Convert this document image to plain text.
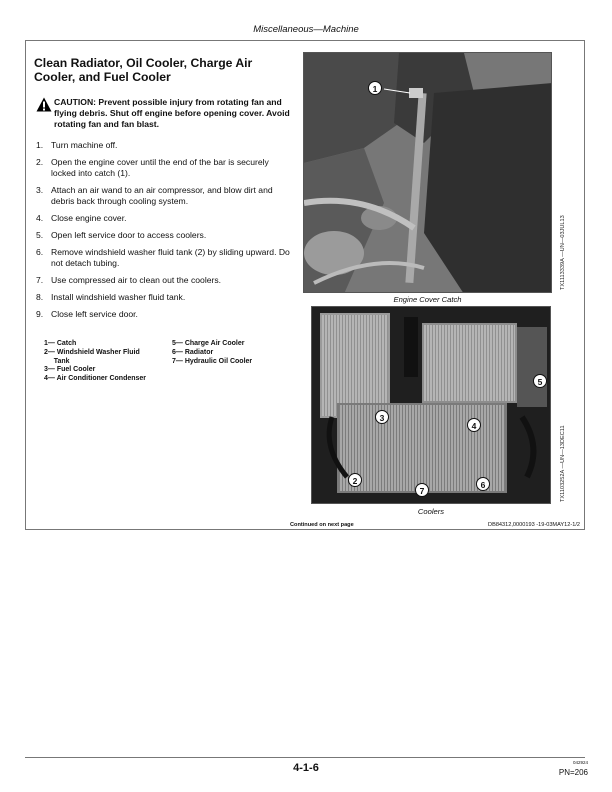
Miscellaneous—Machine
Clean Radiator, Oil Cooler, Charge Air Cooler, and Fuel Cooler
CAUTION: Prevent possible injury from rotating fan and flying debris. Shut off engine before opening cover. Avoid rotating fan and fan blast.
1. Turn machine off.
2. Open the engine cover until the end of the bar is securely locked into catch (1).
3. Attach an air wand to an air compressor, and blow dirt and debris back through cooling system.
4. Close engine cover.
5. Open left service door to access coolers.
6. Remove windshield washer fluid tank (2) by sliding upward. Do not detach tubing.
7. Use compressed air to clean out the coolers.
8. Install windshield washer fluid tank.
9. Close left service door.
1— Catch
2— Windshield Washer Fluid
Tank
3— Fuel Cooler
4— Air Conditioner Condenser
5— Charge Air Cooler
6— Radiator
7— Hydraulic Oil Cooler
1
Engine Cover Catch
TX1113339A —UN—03JUL13
2
3
4
5
6
7
Coolers
TX1103252A —UN—13DEC11
Continued on next page	DB84312,0000193 -19-03MAY12-1/2
4-1-6	042924
PN=206
